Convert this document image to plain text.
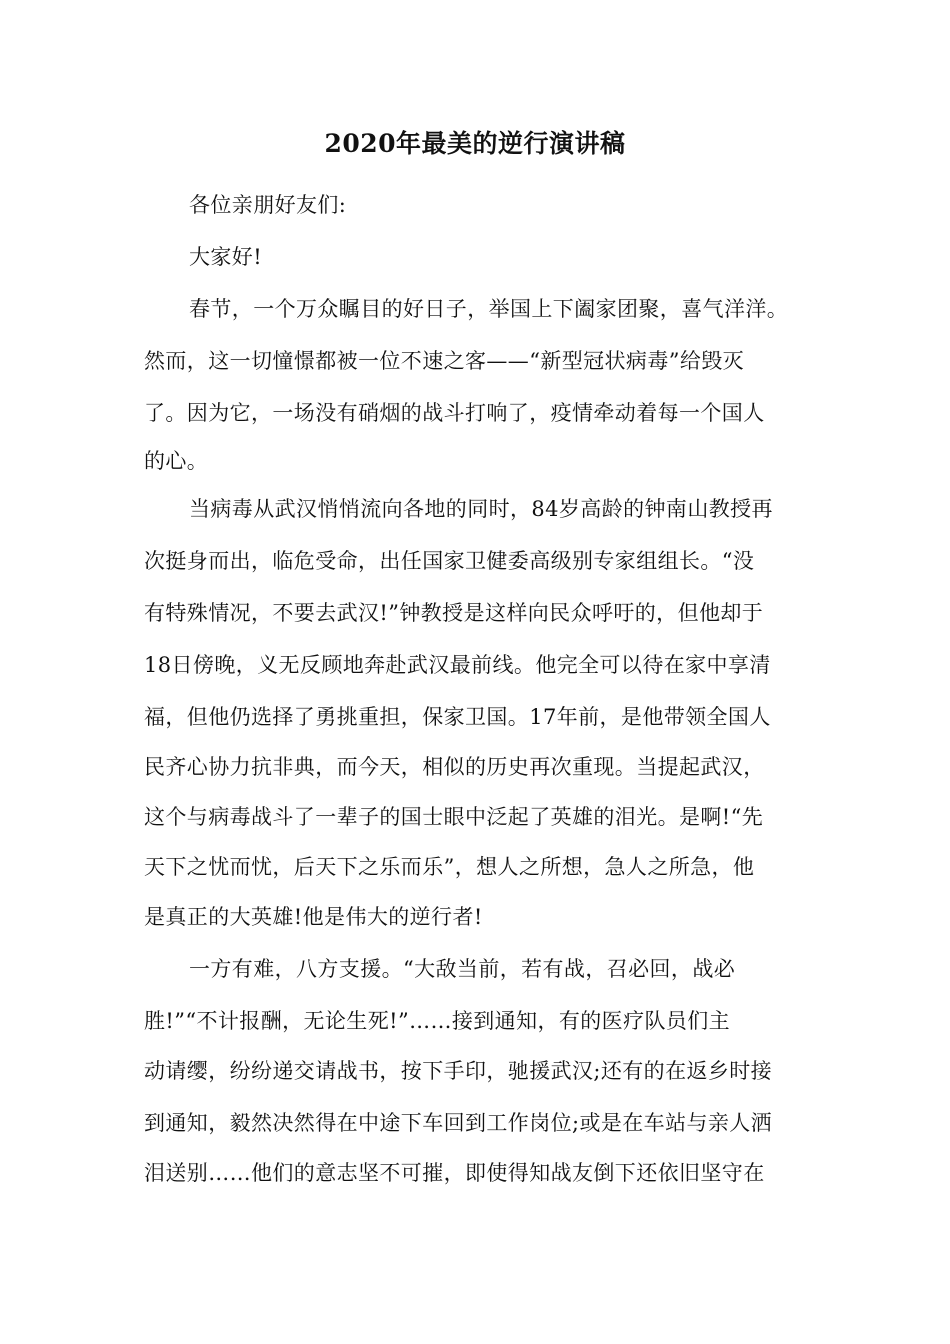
2020年最美的逆行演讲稿
各位亲朋好友们:
大家好!
春节，一个万众瞩目的好日子，举国上下阖家团聚，喜气洋洋。
然而，这一切憧憬都被一位不速之客——“新型冠状病毒”给毁灭
了。因为它，一场没有硝烟的战斗打响了，疫情牵动着每一个国人
的心。
当病毒从武汉悄悄流向各地的同时，84岁高龄的钟南山教授再
次挺身而出，临危受命，出任国家卫健委高级别专家组组长。“没
有特殊情况，不要去武汉!”钟教授是这样向民众呼吁的，但他却于
18日傍晚，义无反顾地奔赴武汉最前线。他完全可以待在家中享清
福，但他仍选择了勇挑重担，保家卫国。17年前，是他带领全国人
民齐心协力抗非典，而今天，相似的历史再次重现。当提起武汉，
这个与病毒战斗了一辈子的国士眼中泛起了英雄的泪光。是啊!“先
天下之忧而忧，后天下之乐而乐”，想人之所想，急人之所急，他
是真正的大英雄!他是伟大的逆行者!
一方有难，八方支援。“大敌当前，若有战，召必回，战必
胜!”“不计报酬，无论生死!”……接到通知，有的医疗队员们主
动请缨，纷纷递交请战书，按下手印，驰援武汉;还有的在返乡时接
到通知，毅然决然得在中途下车回到工作岗位;或是在车站与亲人洒
泪送别……他们的意志坚不可摧，即使得知战友倒下还依旧坚守在
